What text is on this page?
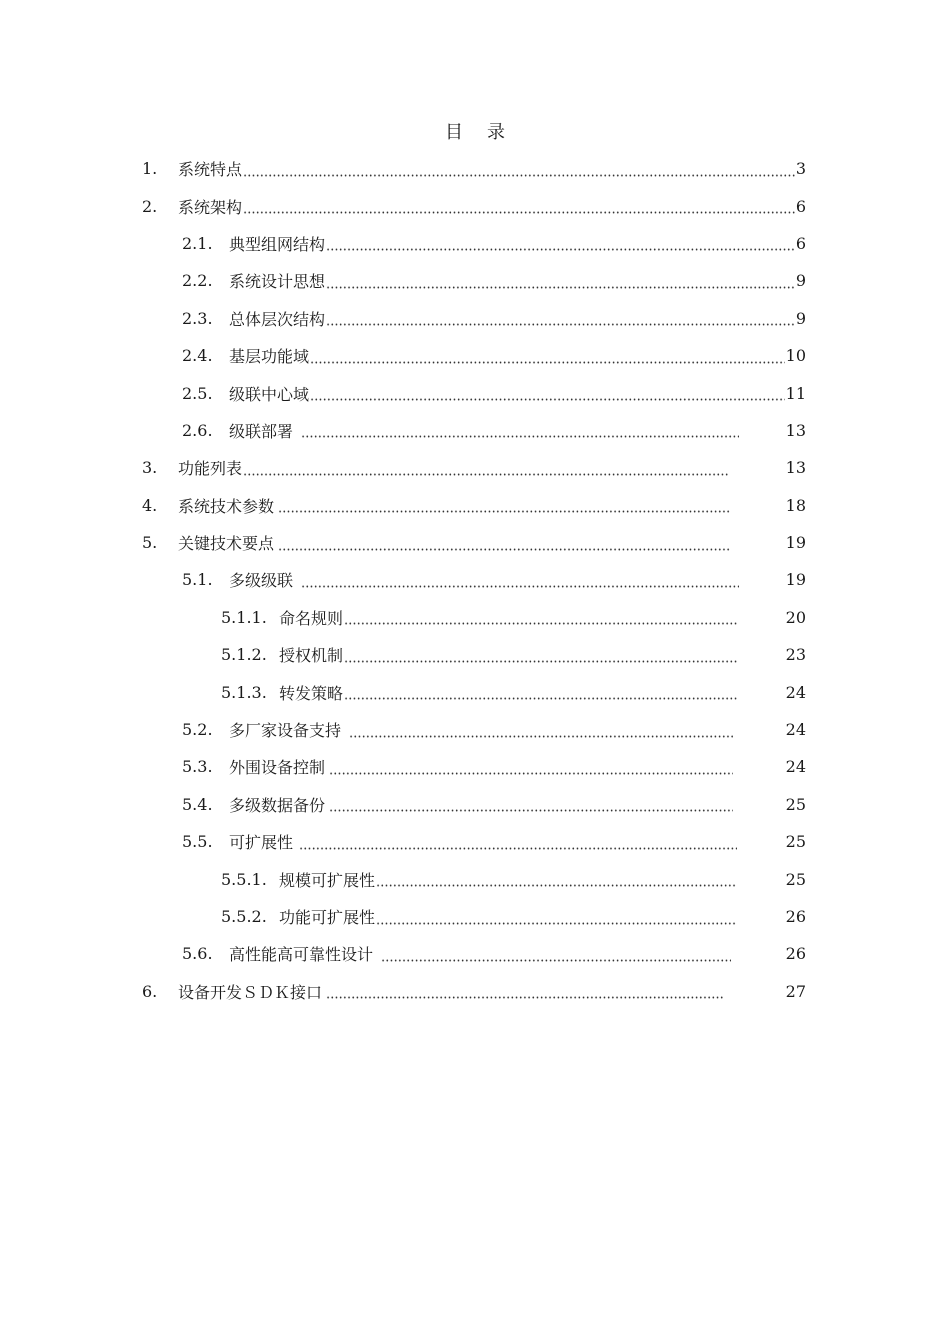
目 录
1. 系统特点	3
2. 系统架构	6
2.1. 典型组网结构	6
2.2. 系统设计思想	9
2.3. 总体层次结构	9
2.4. 基层功能域	10
2.5. 级联中心域	11
2.6. 级联部署	13
3. 功能列表	13
4. 系统技术参数	18
5. 关键技术要点	19
5.1. 多级级联	19
5.1.1. 命名规则	20
5.1.2. 授权机制	23
5.1.3. 转发策略	24
5.2. 多厂家设备支持	24
5.3. 外围设备控制	24
5.4. 多级数据备份	25
5.5. 可扩展性	25
5.5.1. 规模可扩展性	25
5.5.2. 功能可扩展性	26
5.6. 高性能高可靠性设计	26
6. 设备开发ＳＤＫ接口	27
